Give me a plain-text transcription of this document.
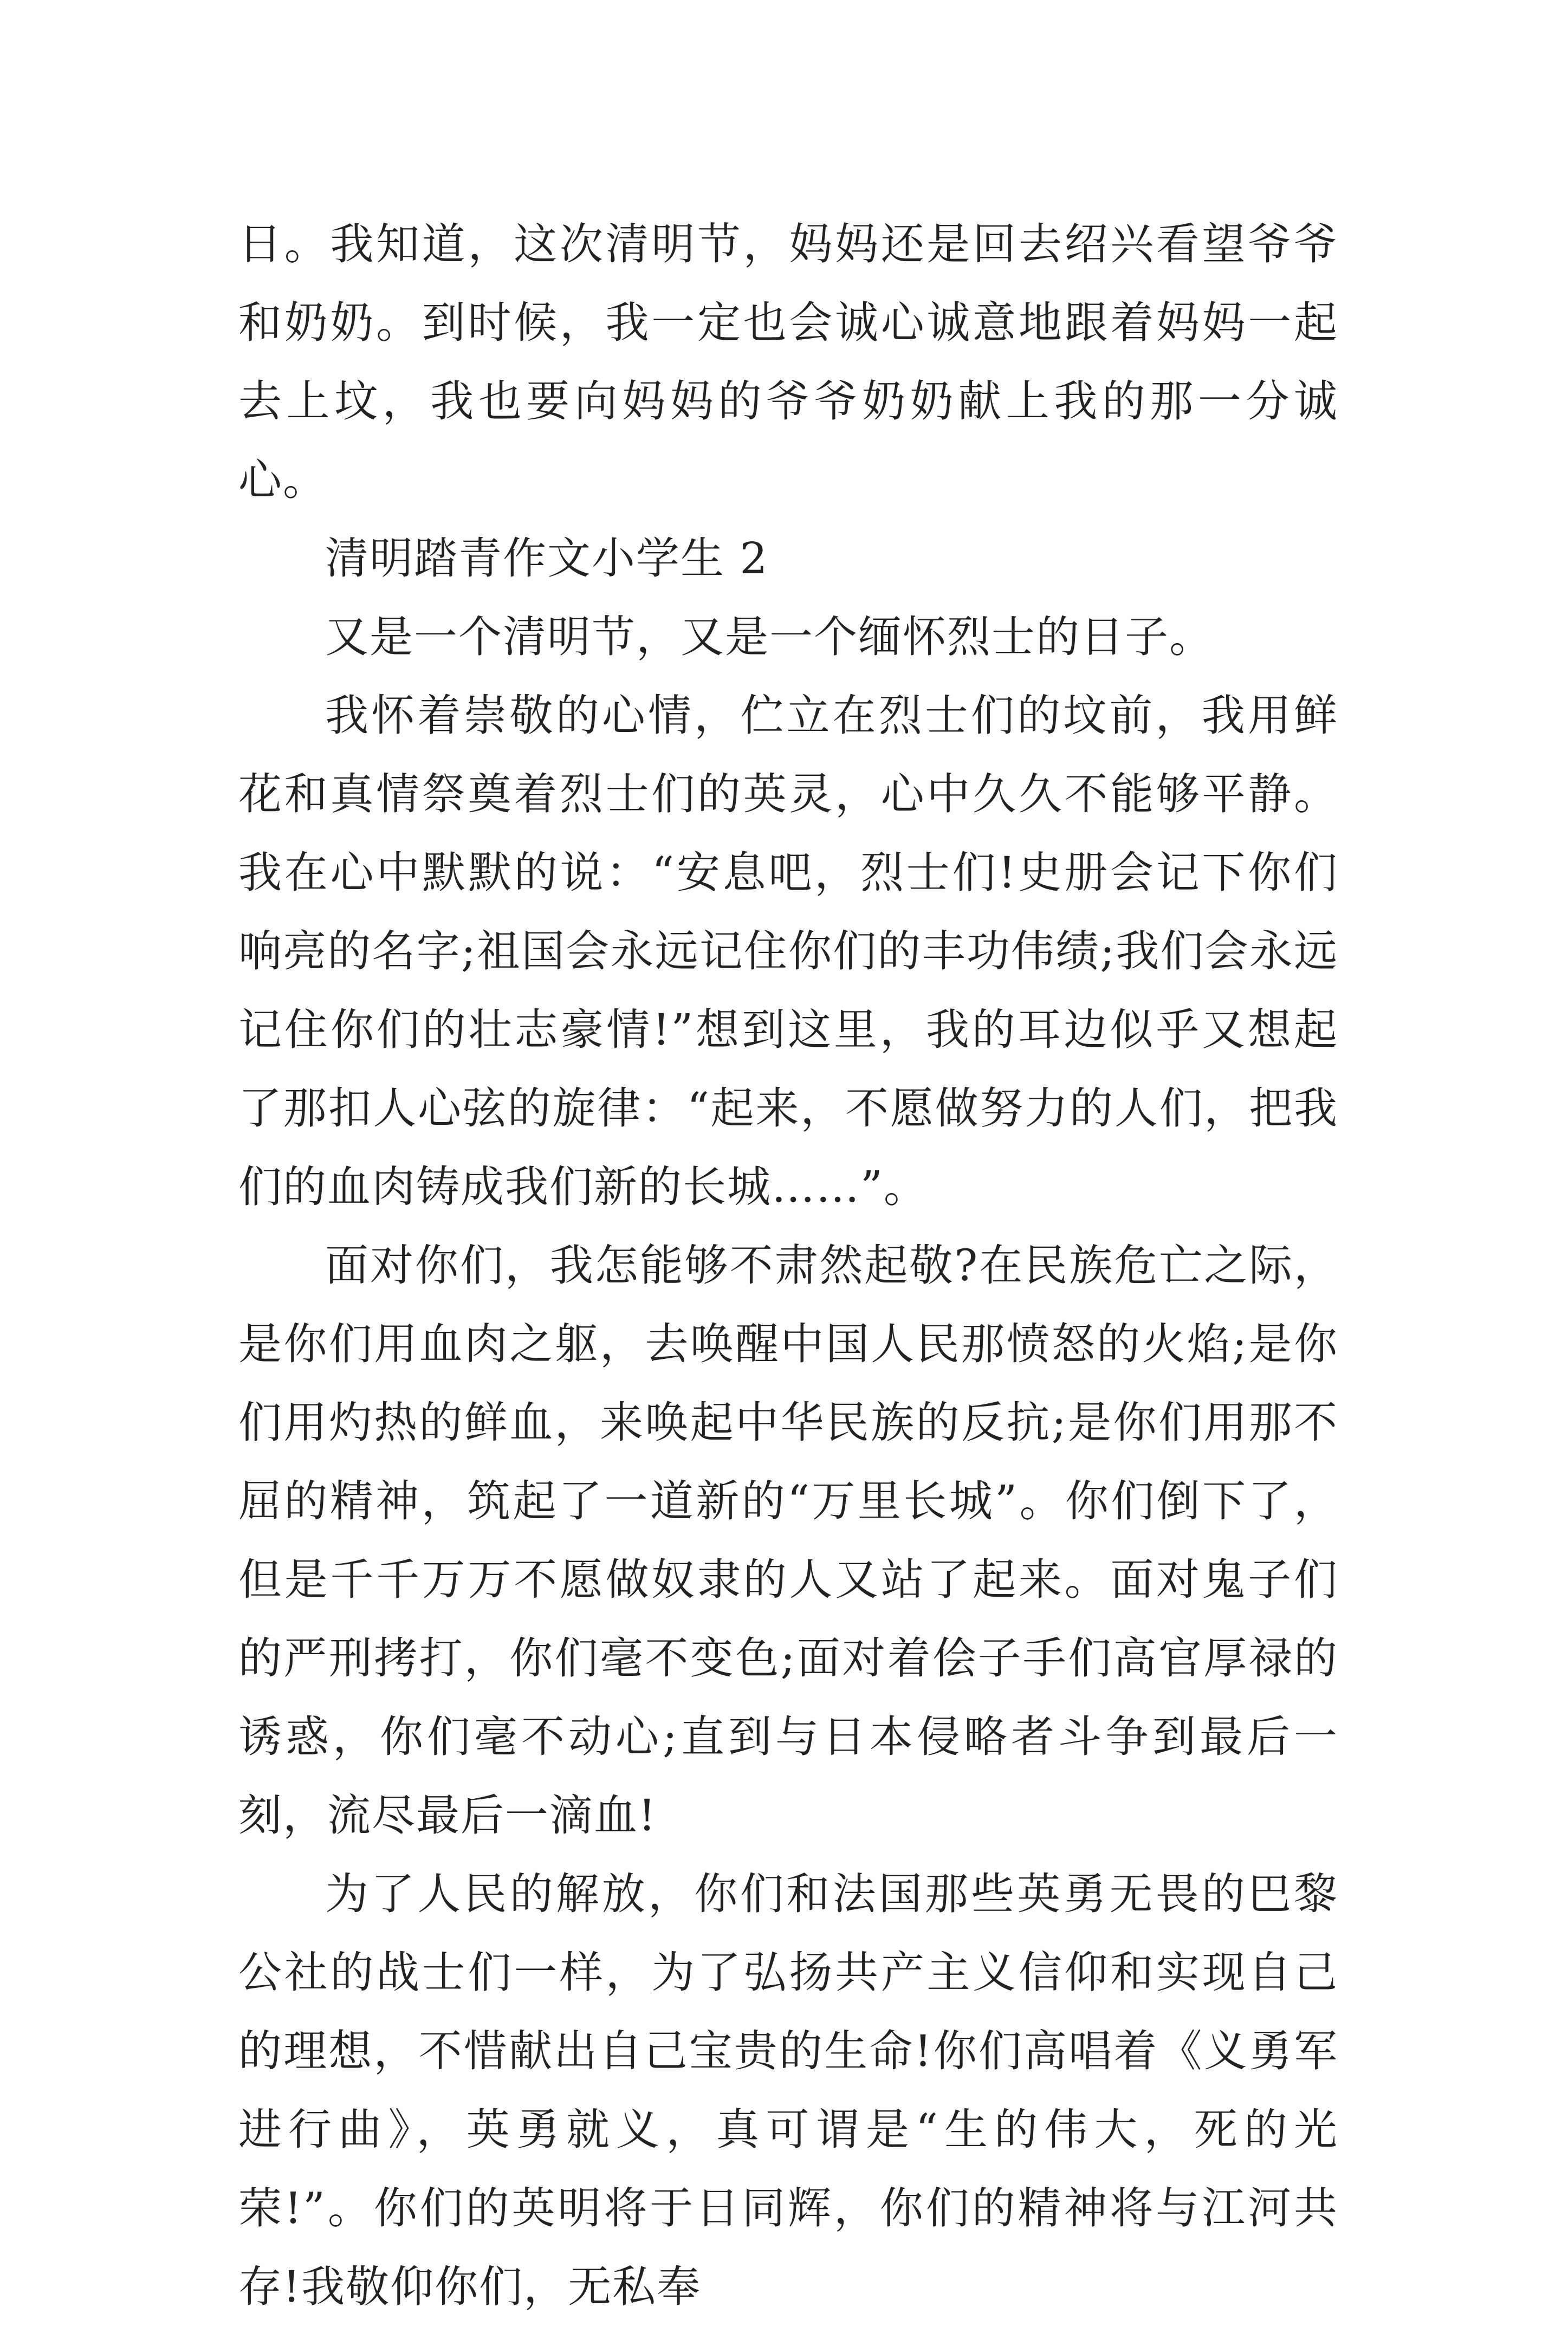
日。我知道，这次清明节，妈妈还是回去绍兴看望爷爷和奶奶。到时候，我一定也会诚心诚意地跟着妈妈一起去上坟，我也要向妈妈的爷爷奶奶献上我的那一分诚心。

清明踏青作文小学生 2

又是一个清明节，又是一个缅怀烈士的日子。

我怀着崇敬的心情，伫立在烈士们的坟前，我用鲜花和真情祭奠着烈士们的英灵，心中久久不能够平静。我在心中默默的说：“安息吧，烈士们!史册会记下你们响亮的名字;祖国会永远记住你们的丰功伟绩;我们会永远记住你们的壮志豪情!”想到这里，我的耳边似乎又想起了那扣人心弦的旋律：“起来，不愿做努力的人们，把我们的血肉铸成我们新的长城……”。

面对你们，我怎能够不肃然起敬?在民族危亡之际，是你们用血肉之躯，去唤醒中国人民那愤怒的火焰;是你们用灼热的鲜血，来唤起中华民族的反抗;是你们用那不屈的精神，筑起了一道新的“万里长城”。你们倒下了，但是千千万万不愿做奴隶的人又站了起来。面对鬼子们的严刑拷打，你们毫不变色;面对着侩子手们高官厚禄的诱惑，你们毫不动心;直到与日本侵略者斗争到最后一刻，流尽最后一滴血!

为了人民的解放，你们和法国那些英勇无畏的巴黎公社的战士们一样，为了弘扬共产主义信仰和实现自己的理想，不惜献出自己宝贵的生命!你们高唱着《义勇军进行曲》，英勇就义，真可谓是“生的伟大，死的光荣!”。你们的英明将于日同辉，你们的精神将与江河共存!我敬仰你们，无私奉
